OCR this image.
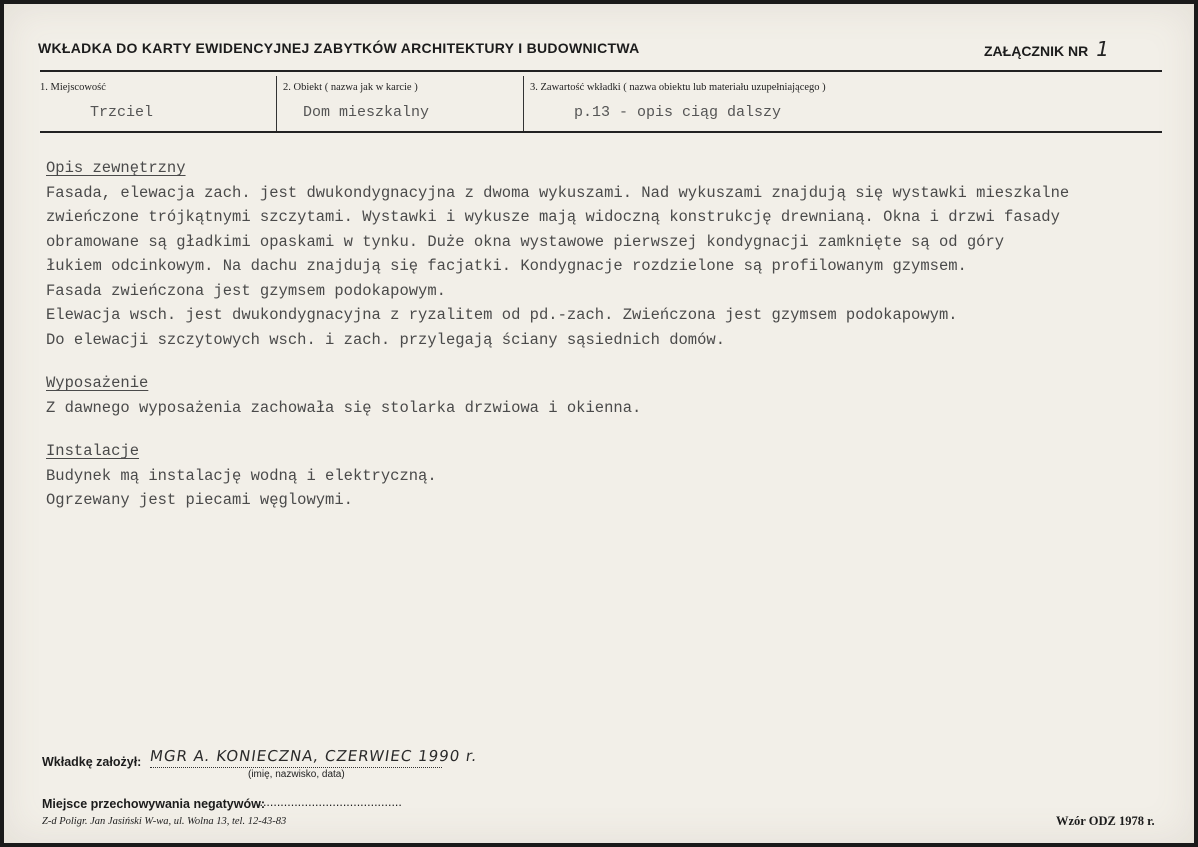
WKŁADKA DO KARTY EWIDENCYJNEJ ZABYTKÓW ARCHITEKTURY I BUDOWNICTWA	ZAŁĄCZNIK NR 1
1. Miejscowość
Trzciel
2. Obiekt ( nazwa jak w karcie )
Dom mieszkalny
3. Zawartość wkładki ( nazwa obiektu lub materiału uzupełniającego )
p.13 - opis ciąg dalszy
Opis zewnętrzny
Fasada, elewacja zach. jest dwukondygnacyjna z dwoma wykuszami. Nad wykuszami znajdują się wystawki mieszkalne
zwieńczone trójkątnymi szczytami. Wystawki i wykusze mają widoczną konstrukcję drewnianą. Okna i drzwi fasady
obramowane są gładkimi opaskami w tynku. Duże okna wystawowe pierwszej kondygnacji zamknięte są od góry
łukiem odcinkowym. Na dachu znajdują się facjatki. Kondygnacje rozdzielone są profilowanym gzymsem.
Fasada zwieńczona jest gzymsem podokapowym.
Elewacja wsch. jest dwukondygnacyjna z ryzalitem od pd.-zach. Zwieńczona jest gzymsem podokapowym.
Do elewacji szczytowych wsch. i zach. przylegają ściany sąsiednich domów.
Wyposażenie
Z dawnego wyposażenia zachowała się stolarka drzwiowa i okienna.
Instalacje
Budynek mą instalację wodną i elektryczną.
Ogrzewany jest piecami węglowymi.
Wkładkę założył: MGR A. KONIECZNA, CZERWIEC 1990 r.
(imię, nazwisko, data)
Miejsce przechowywania negatywów:
..........................................
Z-d Poligr. Jan Jasiński W-wa, ul. Wolna 13, tel. 12-43-83	Wzór ODZ 1978 r.
